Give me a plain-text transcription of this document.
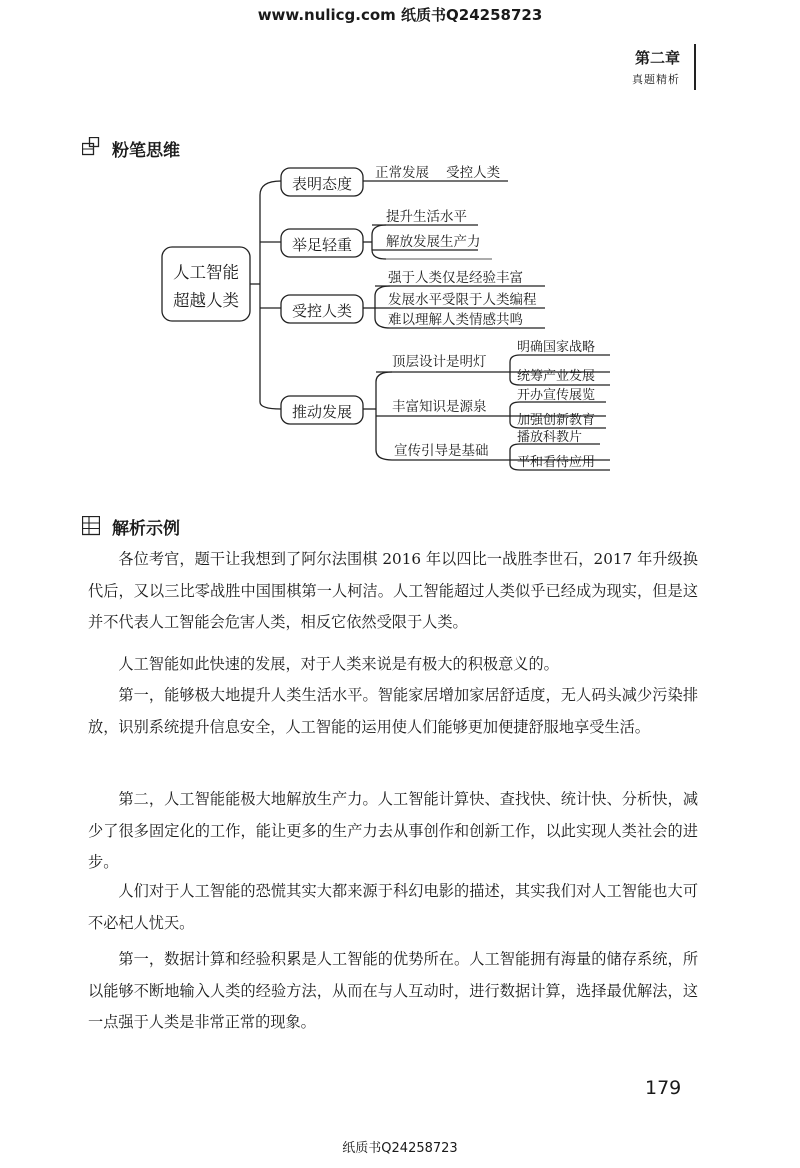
www.nulicg.com 纸质书Q24258723
第二章
真题精析
粉笔思维
人工智能
超越人类
表明态度
举足轻重
受控人类
推动发展
正常发展    受控人类
提升生活水平
解放发展生产力
强于人类仅是经验丰富
发展水平受限于人类编程
难以理解人类情感共鸣
顶层设计是明灯
丰富知识是源泉
宣传引导是基础
明确国家战略
统筹产业发展
开办宣传展览
加强创新教育
播放科教片
平和看待应用
解析示例

各位考官，题干让我想到了阿尔法围棋 2016 年以四比一战胜李世石，2017 年升级换代后，又以三比零战胜中国围棋第一人柯洁。人工智能超过人类似乎已经成为现实，但是这并不代表人工智能会危害人类，相反它依然受限于人类。

人工智能如此快速的发展，对于人类来说是有极大的积极意义的。

第一，能够极大地提升人类生活水平。智能家居增加家居舒适度，无人码头减少污染排放，识别系统提升信息安全，人工智能的运用使人们能够更加便捷舒服地享受生活。

第二，人工智能能极大地解放生产力。人工智能计算快、查找快、统计快、分析快，减少了很多固定化的工作，能让更多的生产力去从事创作和创新工作，以此实现人类社会的进步。

人们对于人工智能的恐慌其实大都来源于科幻电影的描述，其实我们对人工智能也大可不必杞人忧天。

第一，数据计算和经验积累是人工智能的优势所在。人工智能拥有海量的储存系统，所以能够不断地输入人类的经验方法，从而在与人互动时，进行数据计算，选择最优解法，这一点强于人类是非常正常的现象。

179
纸质书Q24258723
